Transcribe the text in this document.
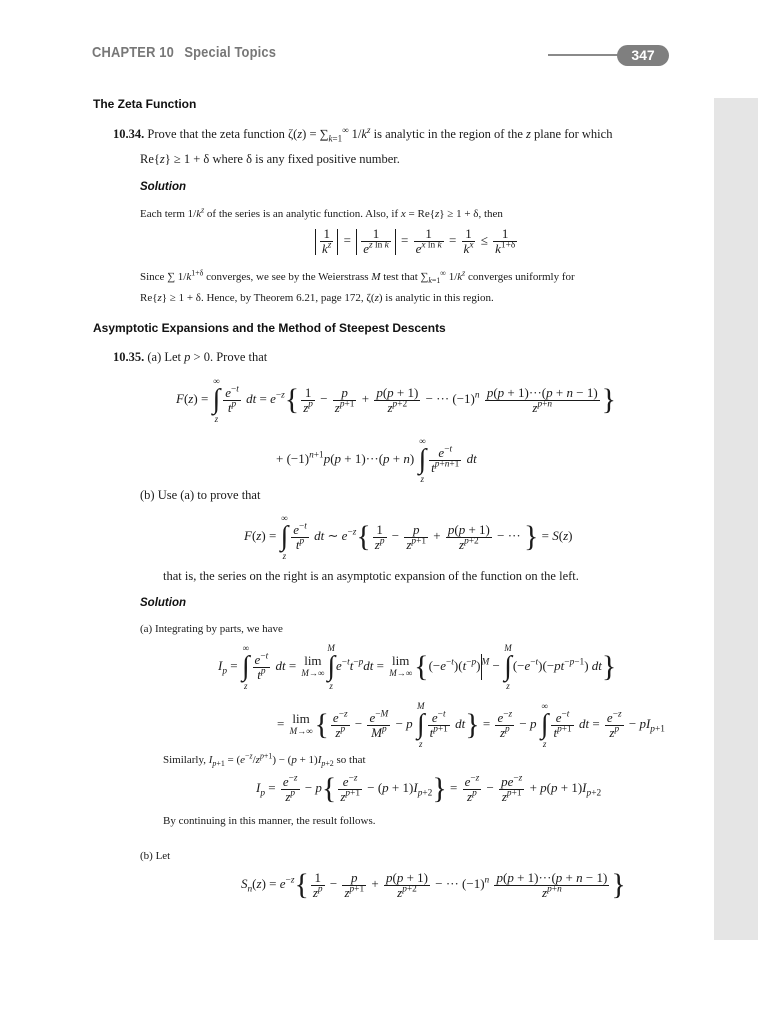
CHAPTER 10 Special Topics	347
The Zeta Function
10.34. Prove that the zeta function $\zeta(z) = \sum_{k=1}^\infty$ $1/k^z$ is analytic in the region of the z plane for which
Re{z} ≥ 1 + δ where δ is any fixed positive number.
Solution
Each term $1/k^z$ of the series is an analytic function. Also, if x = Re{z} ≥ 1 + δ, then
$\frac{1}{k^z} = \frac{1}{e^{z ln k}} = \frac{1}{e^{x ln k}} = \frac{1}{k^x} \le \frac{1}{k^{1+\delta}}$
Since ∑ $1/k^{1+\delta}$ converges, we see by the Weierstrass M test that $\sum_{k=1}^\infty$ $1/k^z$ converges uniformly for
Re{z} ≥ 1 + δ. Hence, by Theorem 6.21, page 172, ζ(z) is analytic in this region.
Asymptotic Expansions and the Method of Steepest Descents
10.35. (a) Let p > 0. Prove that
F(z) = ∞
∫
z
$\frac{e^{-t}}{t^p}$ dt = $e^{-z}\{ \frac{1}{z^p} - \frac{p}{z^{p+1}} + \frac{p(p + 1)}{z^{p+2}}$ − ··· $(-1)^n \frac{p(p + 1)\cdot\cdot\cdot(p + n - 1)}{z^{p+n}}$ }
+ $(-1)^{n+1}p(p + 1)\cdot\cdot\cdot(p + n)$ ∞
∫
z
$\frac{e^{-t}}{t^{p+n+1}}$ dt
(b) Use (a) to prove that
F(z) = ∞
∫
z
$\frac{e^{-t}}{t^p}$ dt ∼ $e^{-z}\{ \frac{1}{z^p} - \frac{p}{z^{p+1}} + \frac{p(p + 1)}{z^{p+2}}$ − ··· } = S(z)
that is, the series on the right is an asymptotic expansion of the function on the left.
Solution
(a) Integrating by parts, we have
$I_p$ = ∞
∫
z
$\frac{e^{-t}}{t^p}$ dt = lim
M→∞
M
∫
$ze^{-t}t^{-p}dt = \lim$
M→∞ {$(-e^{-t})(t^{-p})^M - M$
∫
$z(-e^{-t})(-pt^{-p-1})$ dt}
= lim
M→∞ { $\frac{e^{-z}}{z^p} - \frac{e^{-M}}{M^p} - p$ M
∫
z
$\frac{e^{-t}}{t^{p+1}} dt\} = \frac{e^{-z}}{z^p} - p$ ∞
∫
z
$\frac{e^{-t}}{t^{p+1}}$ dt = $\frac{e^{-z}}{z^p} - pI_{p+1}$
Similarly, $I_{p+1} = (e^{-z}/z^{p+1}) - (p + 1)I_{p+2}$ so that
$I_p = \frac{e^{-z}}{z^p} - p\{ \frac{e^{-z}}{z^{p+1}} - (p + 1)I_{p+2}\} = \frac{e^{-z}}{z^p} - \frac{pe^{-z}}{z^{p+1}} + p(p + 1)I_{p+2}$
By continuing in this manner, the result follows.
(b) Let
$S_n(z) = e^{-z}\{ \frac{1}{z^p} - \frac{p}{z^{p+1}} + \frac{p(p + 1)}{z^{p+2}}$ − ··· $(-1)^n \frac{p(p + 1)\cdot\cdot\cdot(p + n - 1)}{z^{p+n}}$ }
